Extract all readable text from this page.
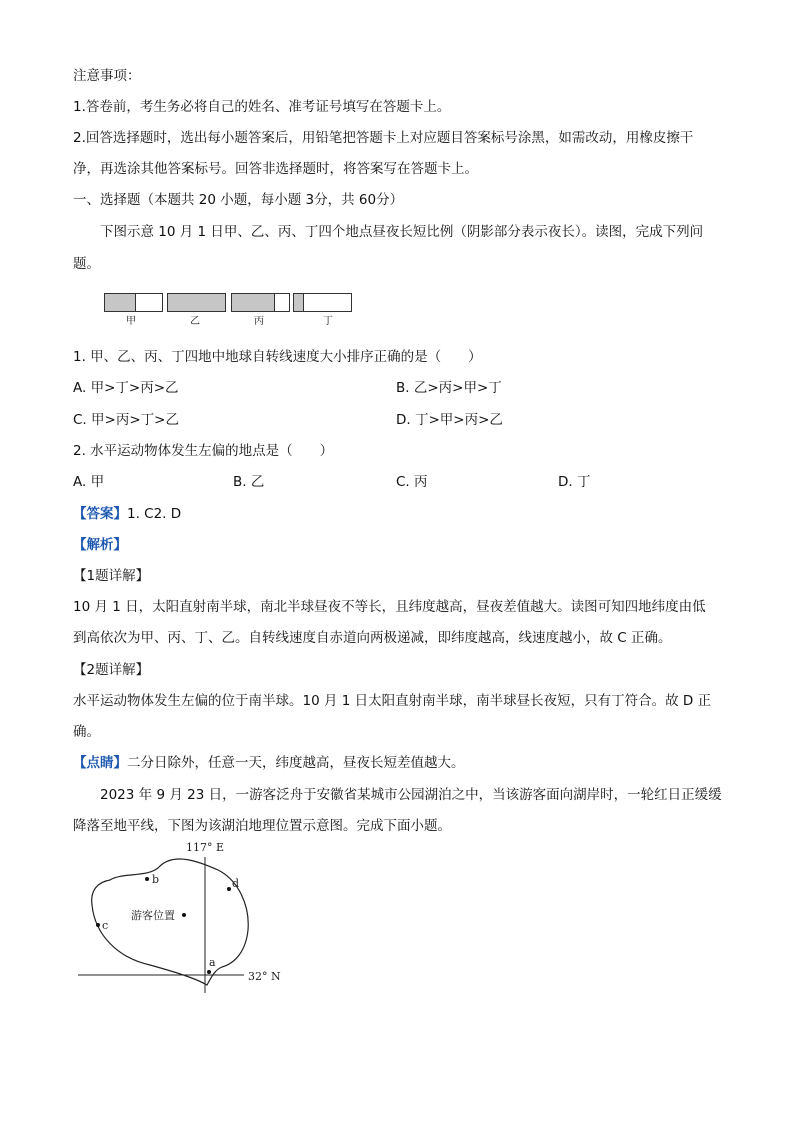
注意事项：
1.答卷前，考生务必将自己的姓名、准考证号填写在答题卡上。
2.回答选择题时，选出每小题答案后，用铅笔把答题卡上对应题目答案标号涂黑，如需改动，用橡皮擦干
净，再选涂其他答案标号。回答非选择题时，将答案写在答题卡上。
一、选择题（本题共 20 小题，每小题 3分，共 60分）
下图示意 10 月 1 日甲、乙、丙、丁四个地点昼夜长短比例（阴影部分表示夜长）。读图，完成下列问
题。
甲	乙	丙	丁
1. 甲、乙、丙、丁四地中地球自转线速度大小排序正确的是（　　）
A. 甲>丁>丙>乙	B. 乙>丙>甲>丁
C. 甲>丙>丁>乙	D. 丁>甲>丙>乙
2. 水平运动物体发生左偏的地点是（　　）
A. 甲	B. 乙	C. 丙	D. 丁
【答案】1. C2. D
【解析】
【1题详解】
10 月 1 日，太阳直射南半球，南北半球昼夜不等长，且纬度越高，昼夜差值越大。读图可知四地纬度由低
到高依次为甲、丙、丁、乙。自转线速度自赤道向两极递减，即纬度越高，线速度越小，故 C 正确。
【2题详解】
水平运动物体发生左偏的位于南半球。10 月 1 日太阳直射南半球，南半球昼长夜短，只有丁符合。故 D 正
确。
【点睛】二分日除外，任意一天，纬度越高，昼夜长短差值越大。
2023 年 9 月 23 日，一游客泛舟于安徽省某城市公园湖泊之中，当该游客面向湖岸时，一轮红日正缓缓
降落至地平线，下图为该湖泊地理位置示意图。完成下面小题。
117° E
32° N
a
b
c
d
游客位置
